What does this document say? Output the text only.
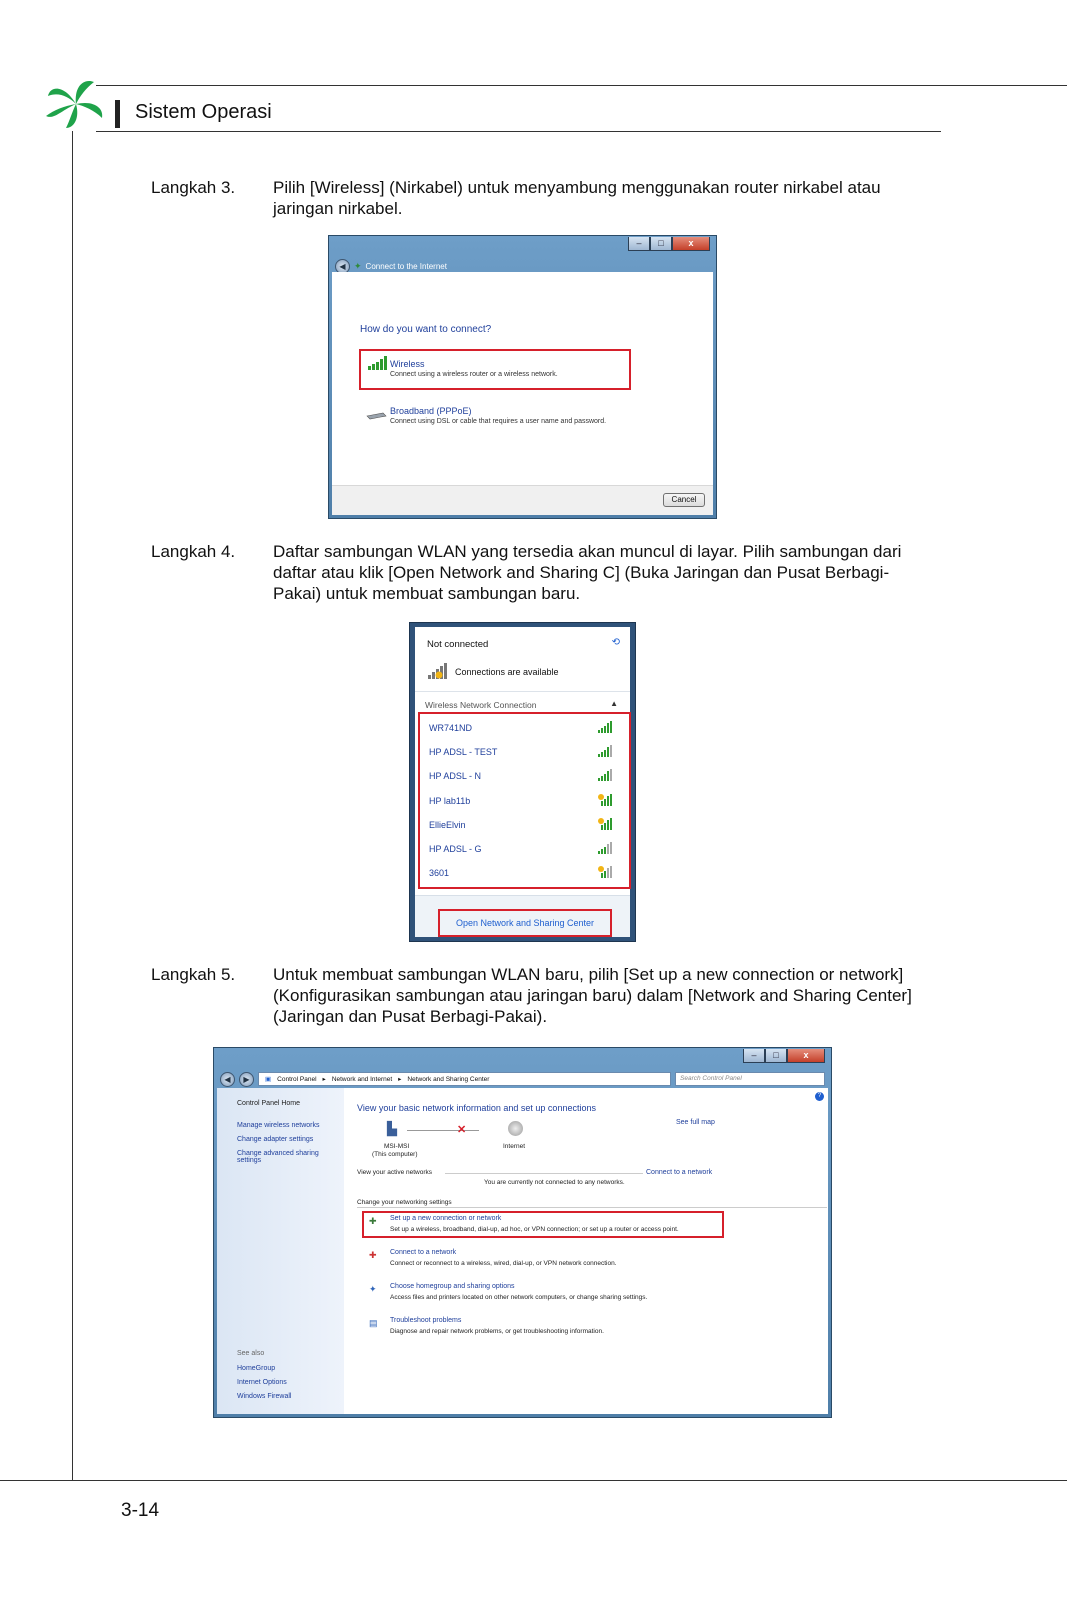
Sistem Operasi
3-14
Langkah 3.	Pilih [Wireless] (Nirkabel) untuk menyambung menggunakan router nirkabel atau jaringan nirkabel.
Langkah 4.	Daftar sambungan WLAN yang tersedia akan muncul di layar. Pilih sambungan dari daftar atau klik [Open Network and Sharing C] (Buka Jaringan dan Pusat Berbagi-Pakai) untuk membuat sambungan baru.
Langkah 5.	Untuk membuat sambungan WLAN baru, pilih [Set up a new connection or network] (Konfigurasikan sambungan atau jaringan baru) dalam [Network and Sharing Center] (Jaringan dan Pusat Berbagi-Pakai).
–	□	x
◀ ✦ Connect to the Internet
How do you want to connect?
Wireless
Connect using a wireless router or a wireless network.
Broadband (PPPoE)
Connect using DSL or cable that requires a user name and password.
Cancel
Not connected	⟲
Connections are available
Wireless Network Connection	▲
WR741ND
HP ADSL - TEST
HP ADSL - N
HP lab11b
EllieElvin
HP ADSL - G
3601
Open Network and Sharing Center
–	□	x
◀	▶	▣ Control Panel ▸ Network and Internet ▸ Network and Sharing Center	Search Control Panel
Control Panel Home
Manage wireless networks
Change adapter settings
Change advanced sharing settings
See also
HomeGroup
Internet Options
Windows Firewall
?
View your basic network information and set up connections
See full map
▙	✕
MSI-MSI
(This computer)
Internet
View your active networks	Connect to a network
You are currently not connected to any networks.
Change your networking settings
✚ Set up a new connection or network
Set up a wireless, broadband, dial-up, ad hoc, or VPN connection; or set up a router or access point.
✚ Connect to a network
Connect or reconnect to a wireless, wired, dial-up, or VPN network connection.
✦ Choose homegroup and sharing options
Access files and printers located on other network computers, or change sharing settings.
▤ Troubleshoot problems
Diagnose and repair network problems, or get troubleshooting information.
